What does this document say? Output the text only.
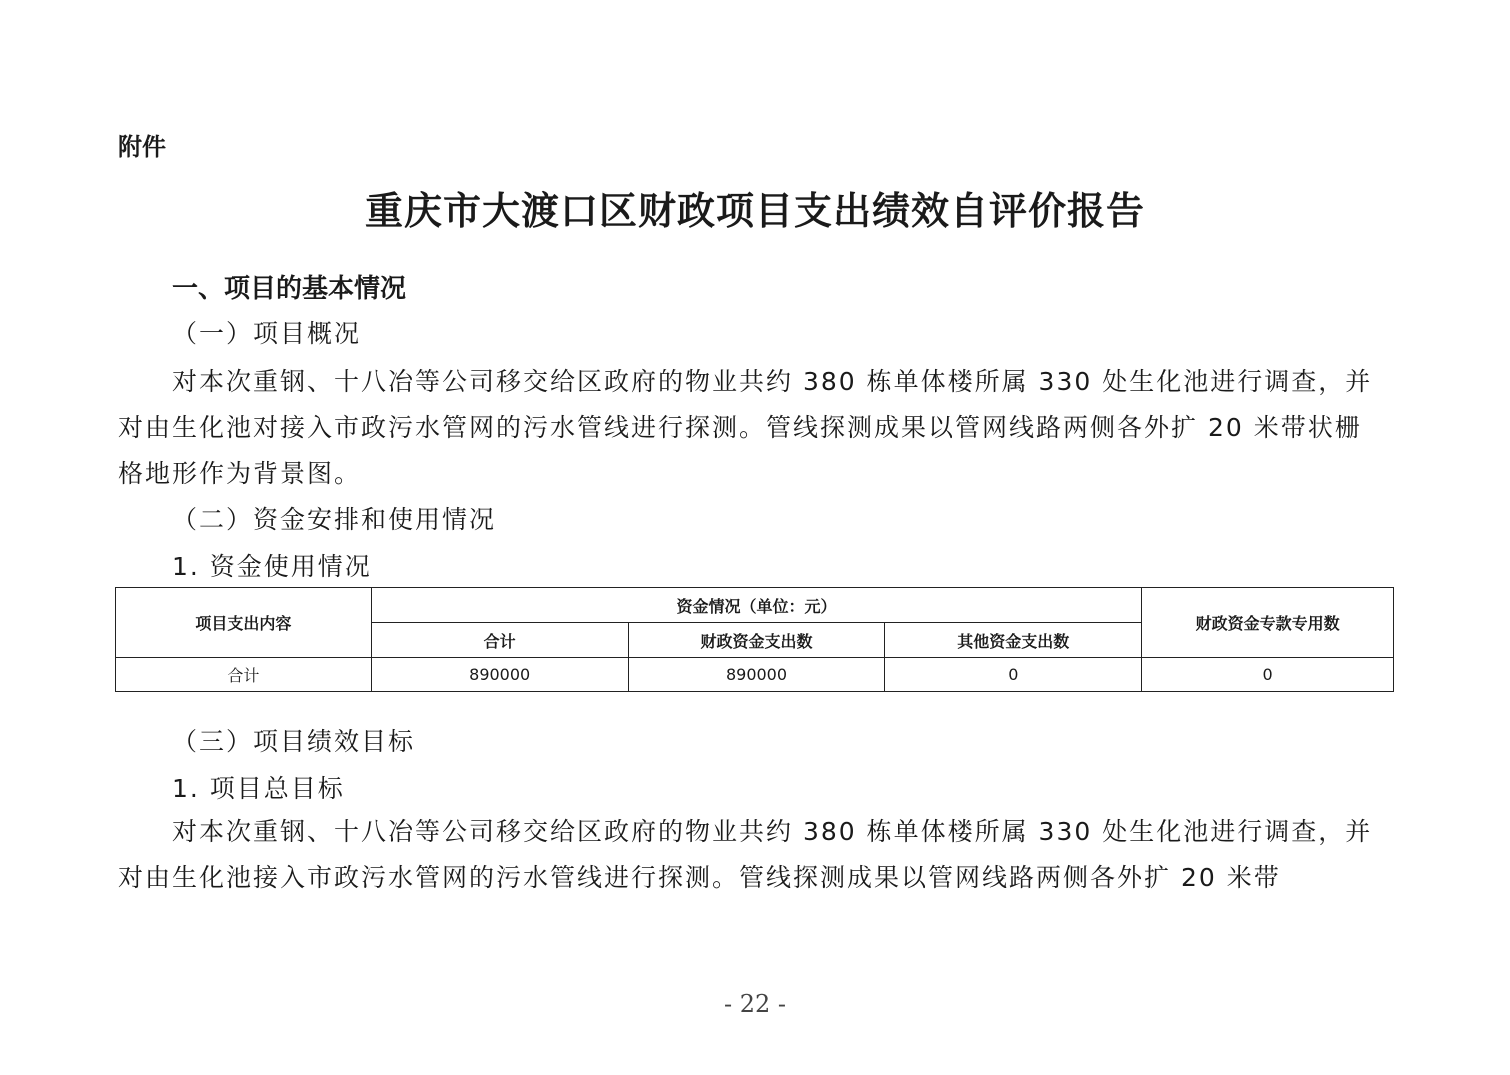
附件
重庆市大渡口区财政项目支出绩效自评价报告
一、项目的基本情况
（一）项目概况
对本次重钢、十八冶等公司移交给区政府的物业共约 380 栋单体楼所属 330 处生化池进行调查，并对由生化池对接入市政污水管网的污水管线进行探测。管线探测成果以管网线路两侧各外扩 20 米带状栅格地形作为背景图。
（二）资金安排和使用情况
1. 资金使用情况
项目支出内容	资金情况（单位：元）			财政资金专款专用数
	合计	财政资金支出数	其他资金支出数	
合计	890000	890000	0	0
（三）项目绩效目标
1. 项目总目标
对本次重钢、十八冶等公司移交给区政府的物业共约 380 栋单体楼所属 330 处生化池进行调查，并对由生化池接入市政污水管网的污水管线进行探测。管线探测成果以管网线路两侧各外扩 20 米带
- 22 -
